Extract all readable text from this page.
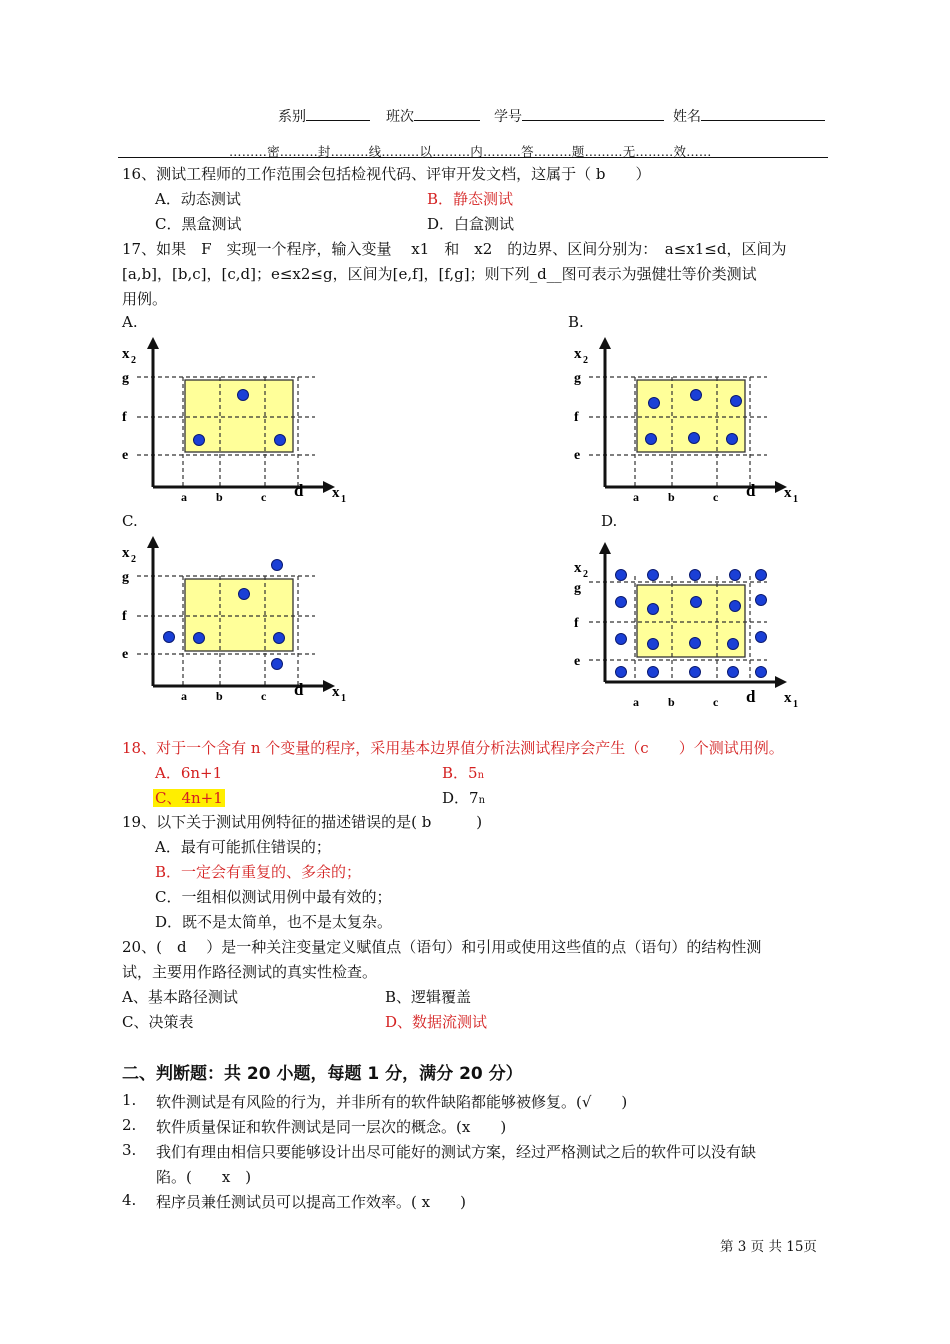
系别	班次	学号	姓名
………密………封………线………以………内………答………题………无………效……
16、测试工程师的工作范围会包括检视代码、评审开发文档，这属于（ b　　）
A．动态测试	B．静态测试
C．黑盒测试	D．白盒测试
17、如果　F　实现一个程序，输入变量　 x1　和　x2　的边界、区间分别为：　a≤x1≤d，区间为
[a,b]，[b,c]，[c,d]；e≤x2≤g，区间为[e,f]，[f,g]；则下列_d__图可表示为强健壮等价类测试
用例。
A.	B.
C.	D.
a b	c d
e
f
g
x 2
x 1	a b	c d
e
f
g
x 2
x 1
a b	c d
e
f
g
x 2
x 1	a b	c d
e
f
g
x 2
x 1
18、对于一个含有 n 个变量的程序，采用基本边界值分析法测试程序会产生（c　　）个测试用例。
A．6n+1	B．5n
C、4n+1	D．7n
19、以下关于测试用例特征的描述错误的是( b　　　)
A．最有可能抓住错误的；
B．一定会有重复的、多余的；
C．一组相似测试用例中最有效的；
D．既不是太简单，也不是太复杂。
20、(　d　 ）是一种关注变量定义赋值点（语句）和引用或使用这些值的点（语句）的结构性测
试，主要用作路径测试的真实性检查。
A、基本路径测试	B、逻辑覆盖
C、决策表	D、数据流测试
二、判断题：共 20 小题，每题 1 分，满分 20 分）
1. 软件测试是有风险的行为，并非所有的软件缺陷都能够被修复。(√　　)
2. 软件质量保证和软件测试是同一层次的概念。(x　　)
3. 我们有理由相信只要能够设计出尽可能好的测试方案，经过严格测试之后的软件可以没有缺
陷。(　　x　)
4. 程序员兼任测试员可以提高工作效率。( x　　)
第 3 页 共 15页
